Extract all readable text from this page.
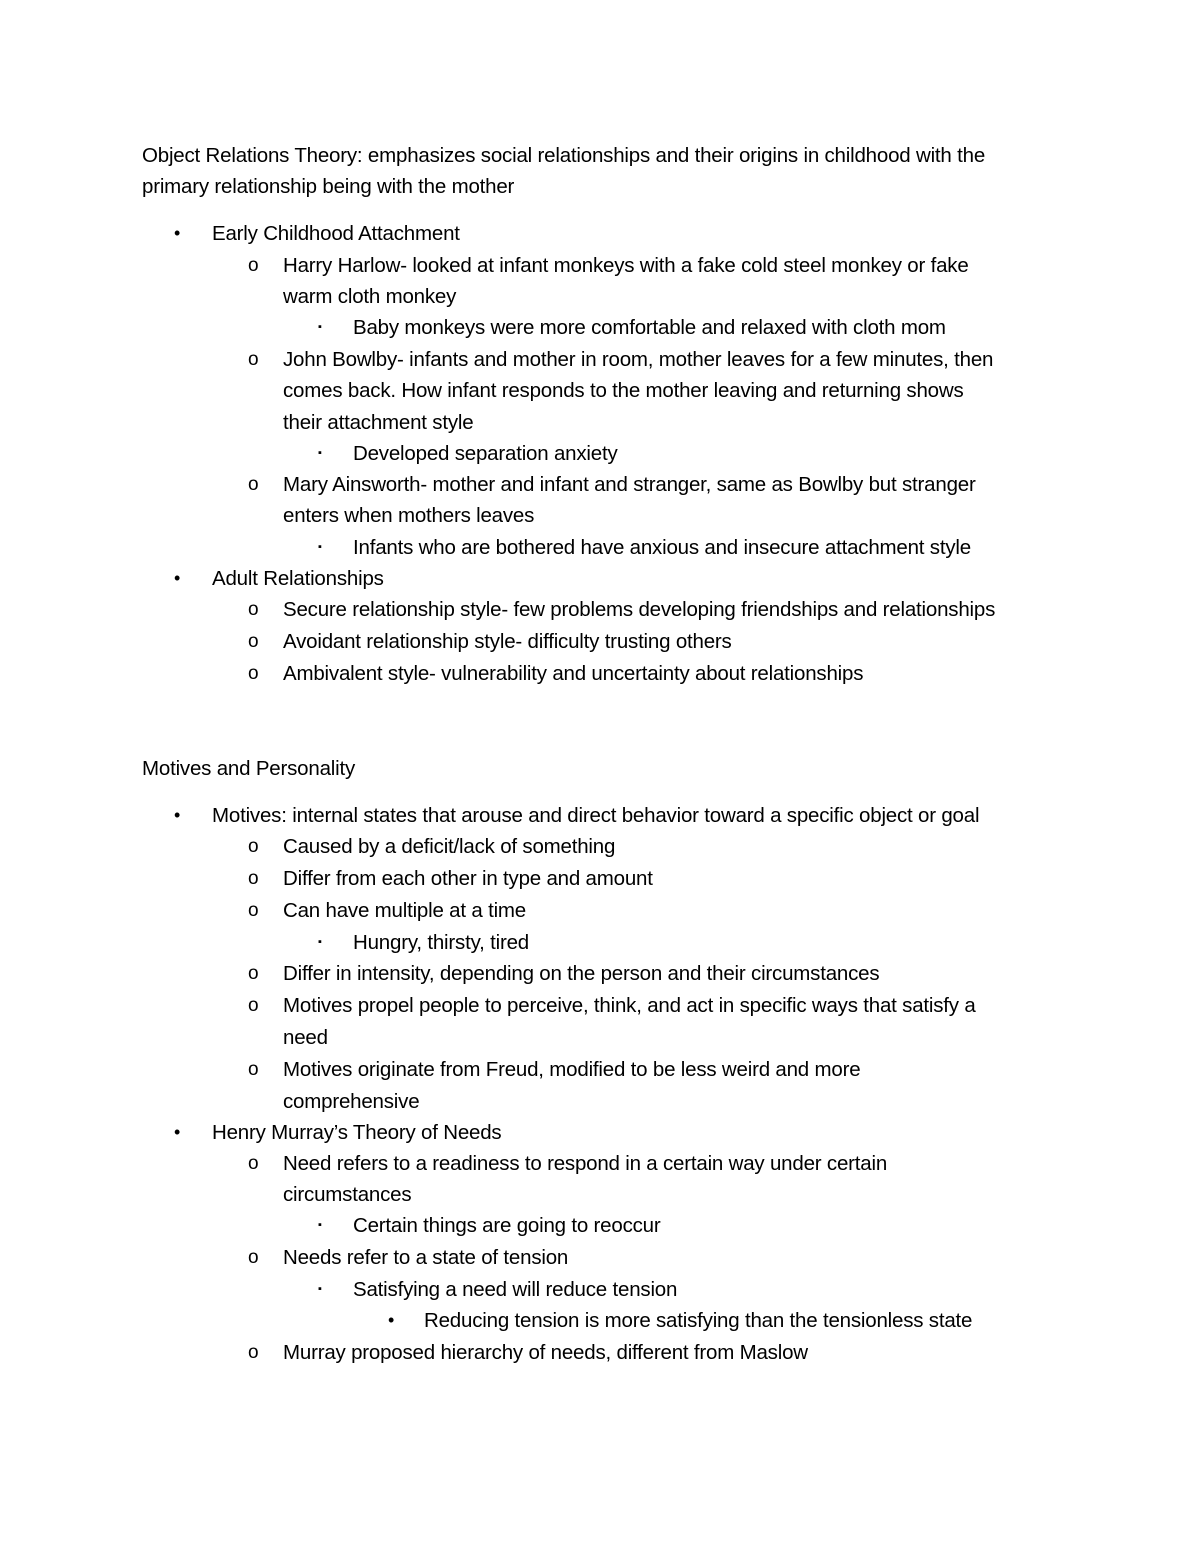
Object Relations Theory: emphasizes social relationships and their origins in childhood with the
primary relationship being with the mother
• Early Childhood Attachment
o Harry Harlow- looked at infant monkeys with a fake cold steel monkey or fake
warm cloth monkey
▪ Baby monkeys were more comfortable and relaxed with cloth mom
o John Bowlby- infants and mother in room, mother leaves for a few minutes, then
comes back. How infant responds to the mother leaving and returning shows
their attachment style
▪ Developed separation anxiety
o Mary Ainsworth- mother and infant and stranger, same as Bowlby but stranger
enters when mothers leaves
▪ Infants who are bothered have anxious and insecure attachment style
• Adult Relationships
o Secure relationship style- few problems developing friendships and relationships
o Avoidant relationship style- difficulty trusting others
o Ambivalent style- vulnerability and uncertainty about relationships
Motives and Personality
• Motives: internal states that arouse and direct behavior toward a specific object or goal
o Caused by a deficit/lack of something
o Differ from each other in type and amount
o Can have multiple at a time
▪ Hungry, thirsty, tired
o Differ in intensity, depending on the person and their circumstances
o Motives propel people to perceive, think, and act in specific ways that satisfy a
need
o Motives originate from Freud, modified to be less weird and more
comprehensive
• Henry Murray’s Theory of Needs
o Need refers to a readiness to respond in a certain way under certain
circumstances
▪ Certain things are going to reoccur
o Needs refer to a state of tension
▪ Satisfying a need will reduce tension
• Reducing tension is more satisfying than the tensionless state
o Murray proposed hierarchy of needs, different from Maslow
